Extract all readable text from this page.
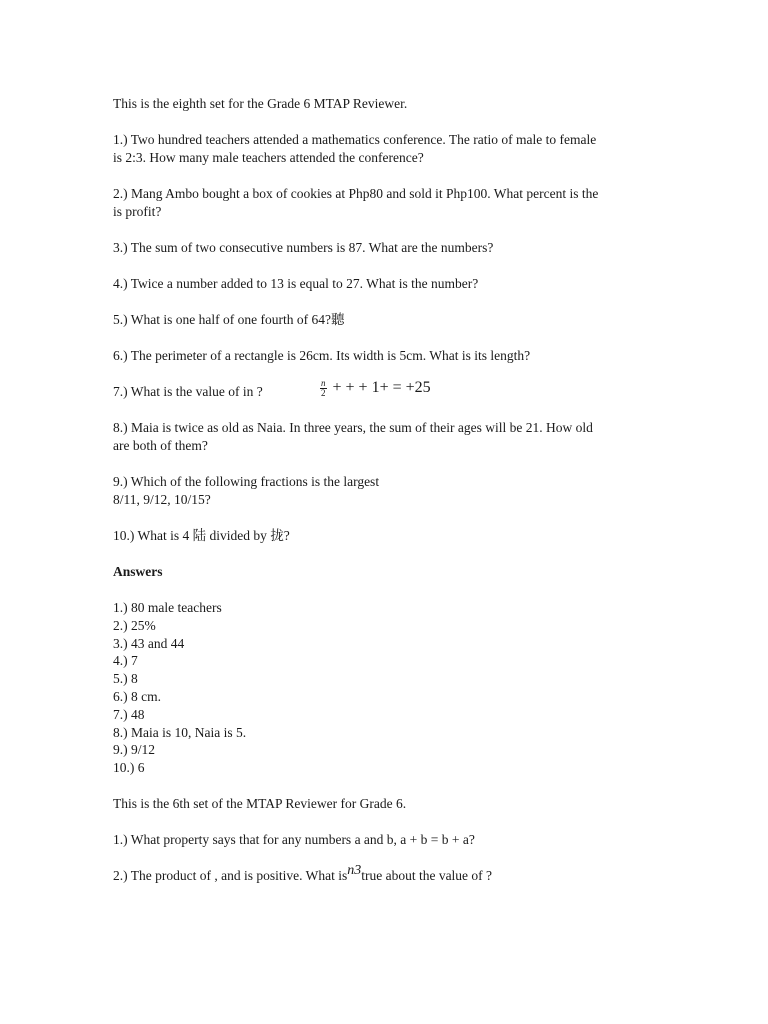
This is the eighth set for the Grade 6 MTAP Reviewer.
1.) Two hundred teachers attended a mathematics conference. The ratio of male to female
is 2:3. How many male teachers attended the conference?
2.) Mang Ambo bought a box of cookies at Php80 and sold it Php100. What percent is the
is profit?
3.) The sum of two consecutive numbers is 87. What are the numbers?
4.) Twice a number added to 13 is equal to 27. What is the number?
5.) What is one half of one fourth of 64?聽
6.) The perimeter of a rectangle is 26cm. Its width is 5cm. What is its length?
7.) What is the value of in ?	$\frac{n}{2}$ + + + 1+ = +25
8.) Maia is twice as old as Naia. In three years, the sum of their ages will be 21. How old
are both of them?
9.) Which of the following fractions is the largest
8/11, 9/12, 10/15?
10.) What is 4 陆 divided by 拢?
Answers
1.) 80 male teachers
2.) 25%
3.) 43 and 44
4.) 7
5.) 8
6.) 8 cm.
7.) 48
8.) Maia is 10, Naia is 5.
9.) 9/12
10.) 6
This is the 6th set of the MTAP Reviewer for Grade 6.
1.) What property says that for any numbers a and b, a + b = b + a?
2.) The product of , and is positive. What isn3true about the value of ?
